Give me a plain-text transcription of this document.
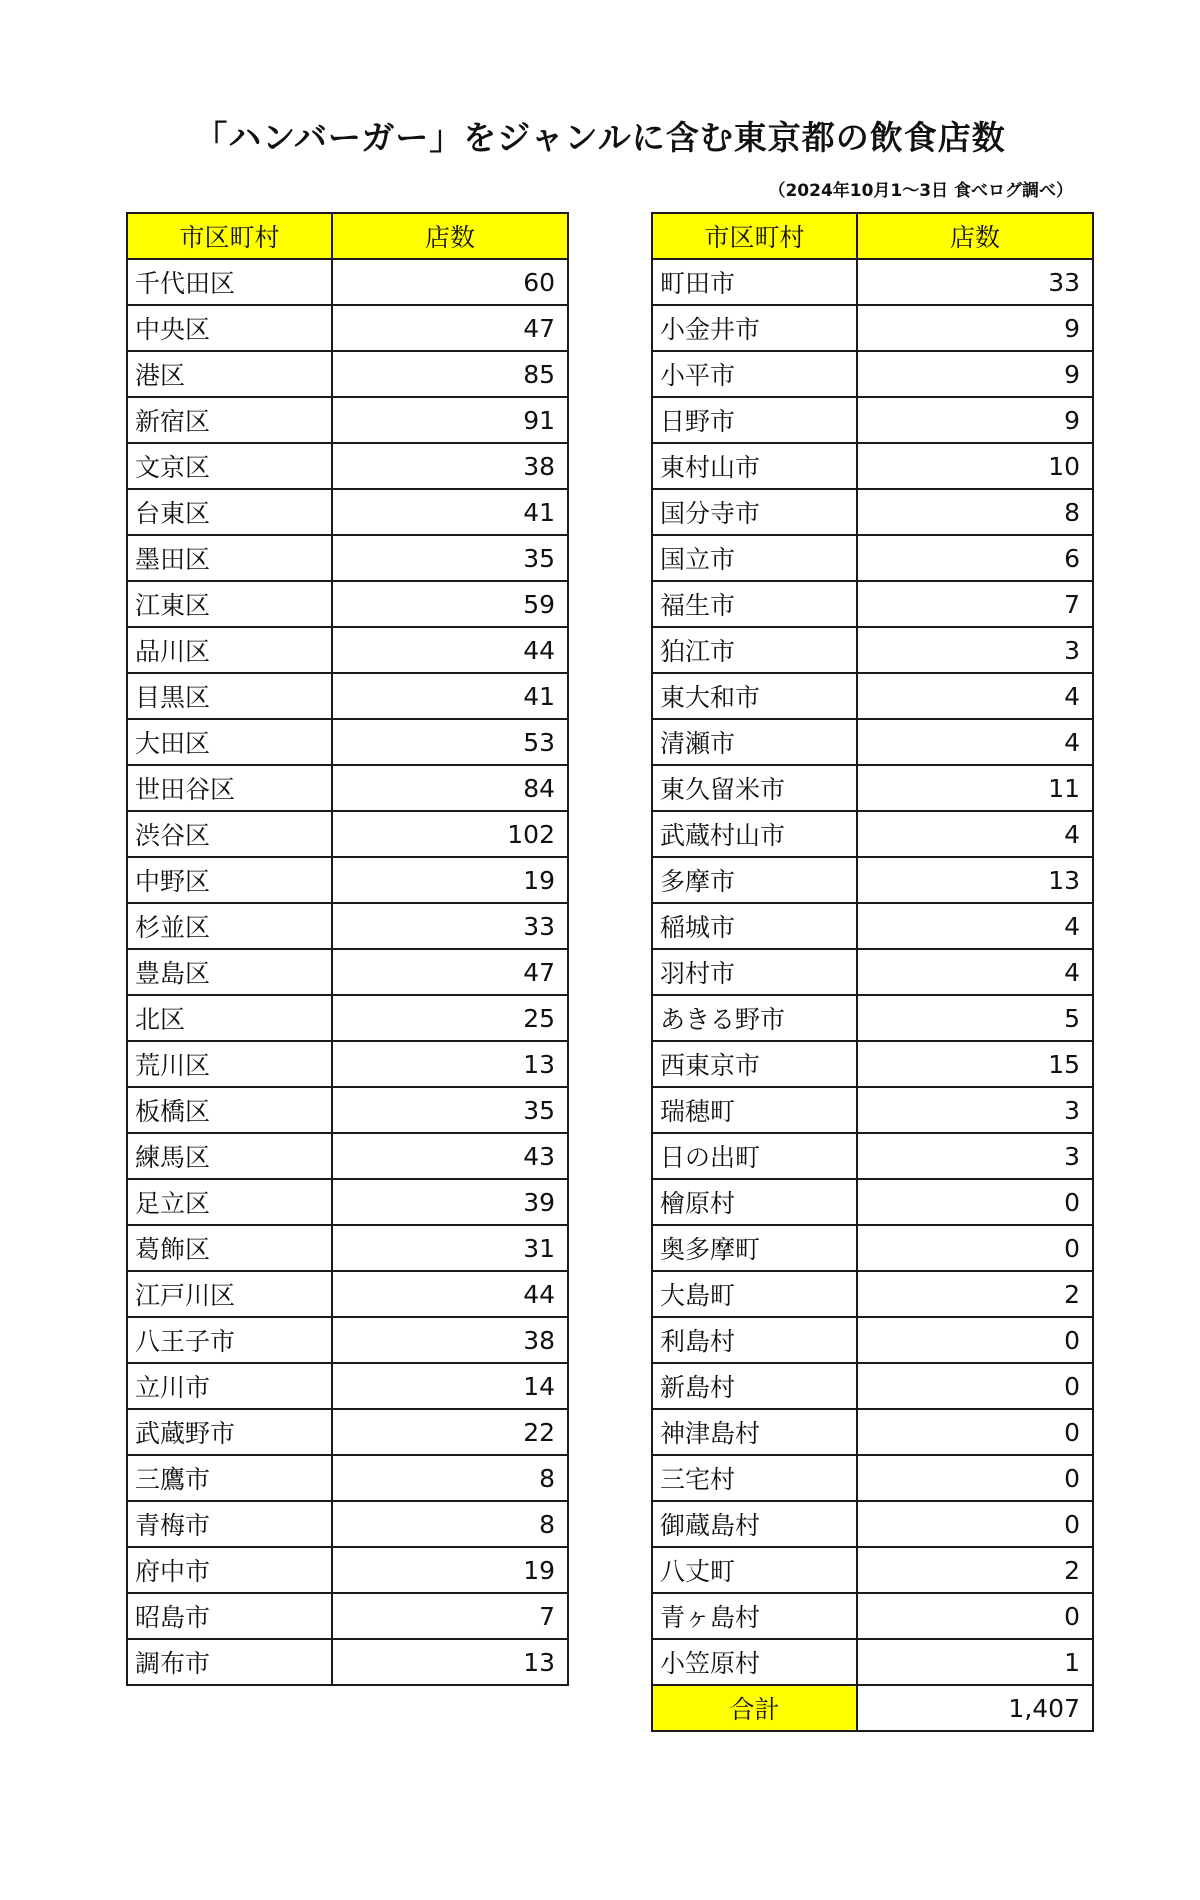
「ハンバーガー」をジャンルに含む東京都の飲食店数
（2024年10月1〜3日 食べログ調べ）
市区町村	店数
千代田区	60
中央区	47
港区	85
新宿区	91
文京区	38
台東区	41
墨田区	35
江東区	59
品川区	44
目黒区	41
大田区	53
世田谷区	84
渋谷区	102
中野区	19
杉並区	33
豊島区	47
北区	25
荒川区	13
板橋区	35
練馬区	43
足立区	39
葛飾区	31
江戸川区	44
八王子市	38
立川市	14
武蔵野市	22
三鷹市	8
青梅市	8
府中市	19
昭島市	7
調布市	13
市区町村	店数
町田市	33
小金井市	9
小平市	9
日野市	9
東村山市	10
国分寺市	8
国立市	6
福生市	7
狛江市	3
東大和市	4
清瀬市	4
東久留米市	11
武蔵村山市	4
多摩市	13
稲城市	4
羽村市	4
あきる野市	5
西東京市	15
瑞穂町	3
日の出町	3
檜原村	0
奥多摩町	0
大島町	2
利島村	0
新島村	0
神津島村	0
三宅村	0
御蔵島村	0
八丈町	2
青ヶ島村	0
小笠原村	1
合計	1,407
